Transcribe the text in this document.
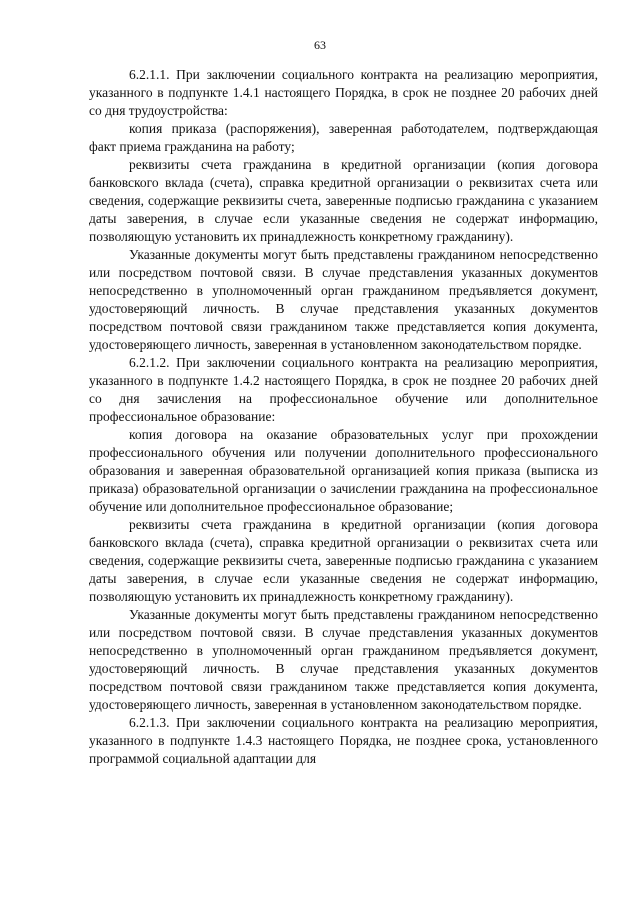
63

6.2.1.1. При заключении социального контракта на реализацию мероприятия, указанного в подпункте 1.4.1 настоящего Порядка, в срок не позднее 20 рабочих дней со дня трудоустройства:

копия приказа (распоряжения), заверенная работодателем, подтверждающая факт приема гражданина на работу;

реквизиты счета гражданина в кредитной организации (копия договора банковского вклада (счета), справка кредитной организации о реквизитах счета или сведения, содержащие реквизиты счета, заверенные подписью гражданина с указанием даты заверения, в случае если указанные сведения не содержат информацию, позволяющую установить их принадлежность конкретному гражданину).

Указанные документы могут быть представлены гражданином непосредственно или посредством почтовой связи. В случае представления указанных документов непосредственно в уполномоченный орган гражданином предъявляется документ, удостоверяющий личность. В случае представления указанных документов посредством почтовой связи гражданином также представляется копия документа, удостоверяющего личность, заверенная в установленном законодательством порядке.

6.2.1.2. При заключении социального контракта на реализацию мероприятия, указанного в подпункте 1.4.2 настоящего Порядка, в срок не позднее 20 рабочих дней со дня зачисления на профессиональное обучение или дополнительное профессиональное образование:

копия договора на оказание образовательных услуг при прохождении профессионального обучения или получении дополнительного профессионального образования и заверенная образовательной организацией копия приказа (выписка из приказа) образовательной организации о зачислении гражданина на профессиональное обучение или дополнительное профессиональное образование;

реквизиты счета гражданина в кредитной организации (копия договора банковского вклада (счета), справка кредитной организации о реквизитах счета или сведения, содержащие реквизиты счета, заверенные подписью гражданина с указанием даты заверения, в случае если указанные сведения не содержат информацию, позволяющую установить их принадлежность конкретному гражданину).

Указанные документы могут быть представлены гражданином непосредственно или посредством почтовой связи. В случае представления указанных документов непосредственно в уполномоченный орган гражданином предъявляется документ, удостоверяющий личность. В случае представления указанных документов посредством почтовой связи гражданином также представляется копия документа, удостоверяющего личность, заверенная в установленном законодательством порядке.

6.2.1.3. При заключении социального контракта на реализацию мероприятия, указанного в подпункте 1.4.3 настоящего Порядка, не позднее срока, установленного программой социальной адаптации для
